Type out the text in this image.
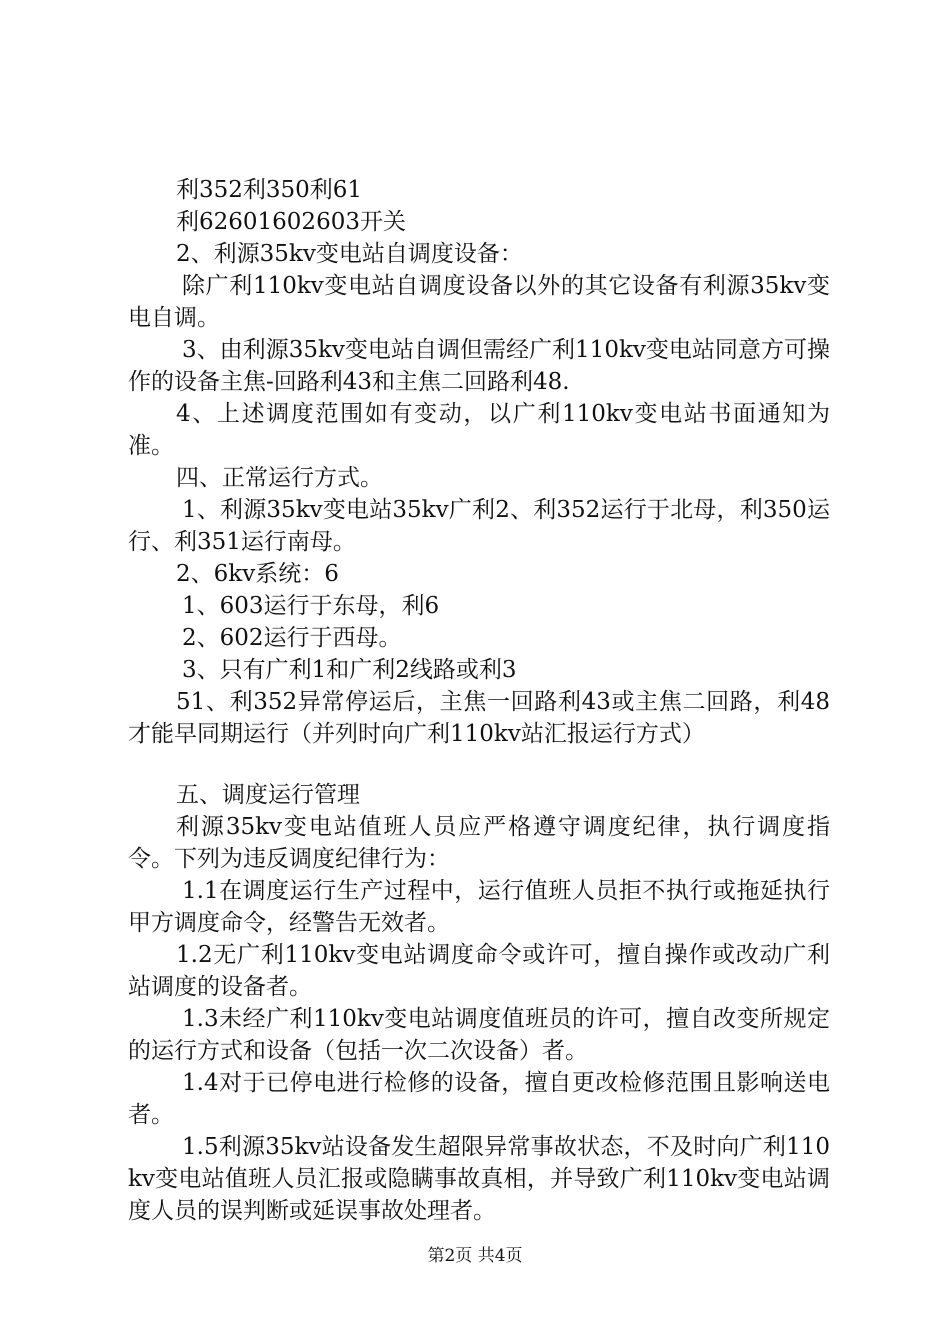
利352利350利61

利62601602603开关

2、利源35kv变电站自调度设备：

除广利110kv变电站自调度设备以外的其它设备有利源35kv变电自调。

3、由利源35kv变电站自调但需经广利110kv变电站同意方可操作的设备主焦-回路利43和主焦二回路利48.

4、上述调度范围如有变动，以广利110kv变电站书面通知为准。

四、正常运行方式。

1、利源35kv变电站35kv广利2、利352运行于北母，利350运行、利351运行南母。

2、6kv系统：6

1、603运行于东母，利6

2、602运行于西母。

3、只有广利1和广利2线路或利3

51、利352异常停运后，主焦一回路利43或主焦二回路，利48才能早同期运行（并列时向广利110kv站汇报运行方式）

五、调度运行管理

利源35kv变电站值班人员应严格遵守调度纪律，执行调度指令。下列为违反调度纪律行为：

1.1在调度运行生产过程中，运行值班人员拒不执行或拖延执行甲方调度命令，经警告无效者。

1.2无广利110kv变电站调度命令或许可，擅自操作或改动广利站调度的设备者。

1.3未经广利110kv变电站调度值班员的许可，擅自改变所规定的运行方式和设备（包括一次二次设备）者。

1.4对于已停电进行检修的设备，擅自更改检修范围且影响送电者。

1.5利源35kv站设备发生超限异常事故状态，不及时向广利110kv变电站值班人员汇报或隐瞒事故真相，并导致广利110kv变电站调度人员的误判断或延误事故处理者。

第2页 共4页
